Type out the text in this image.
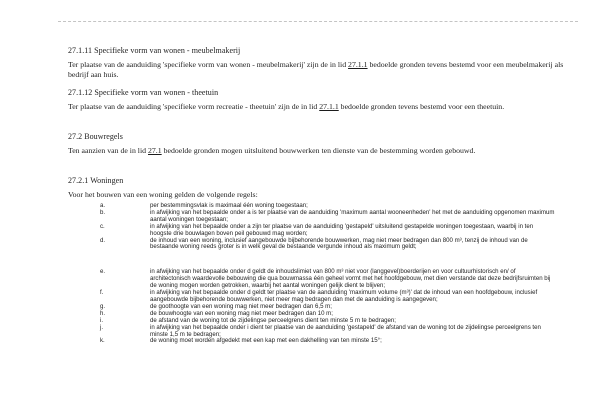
27.1.11 Specifieke vorm van wonen - meubelmakerij
Ter plaatse van de aanduiding 'specifieke vorm van wonen - meubelmakerij' zijn de in lid 27.1.1 bedoelde gronden tevens bestemd voor een meubelmakerij als bedrijf aan huis.
27.1.12 Specifieke vorm van wonen - theetuin
Ter plaatse van de aanduiding 'specifieke vorm recreatie - theetuin' zijn de in lid 27.1.1 bedoelde gronden tevens bestemd voor een theetuin.
27.2 Bouwregels
Ten aanzien van de in lid 27.1 bedoelde gronden mogen uitsluitend bouwwerken ten dienste van de bestemming worden gebouwd.
27.2.1 Woningen
Voor het bouwen van een woning gelden de volgende regels:
a.	per bestemmingsvlak is maximaal één woning toegestaan;
b.	in afwijking van het bepaalde onder a is ter plaatse van de aanduiding 'maximum aantal wooneenheden' het met de aanduiding opgenomen maximum aantal woningen toegestaan;
c.	in afwijking van het bepaalde onder a zijn ter plaatse van de aanduiding 'gestapeld' uitsluitend gestapelde woningen toegestaan, waarbij in ten hoogste drie bouwlagen boven peil gebouwd mag worden;
d.	de inhoud van een woning, inclusief aangebouwde bijbehorende bouwwerken, mag niet meer bedragen dan 800 m³, tenzij de inhoud van de bestaande woning reeds groter is in welk geval de bestaande vergunde inhoud als maximum geldt;
e.	in afwijking van het bepaalde onder d geldt de inhoudslimiet van 800 m³ niet voor (langgevel)boerderijen en voor cultuurhistorisch en/ of architectonisch waardevolle bebouwing die qua bouwmassa één geheel vormt met het hoofdgebouw, met dien verstande dat deze bedrijfsruimten bij de woning mogen worden getrokken, waarbij het aantal woningen gelijk dient te blijven;
f.	in afwijking van het bepaalde onder d geldt ter plaatse van de aanduiding 'maximum volume (m³)' dat de inhoud van een hoofdgebouw, inclusief aangebouwde bijbehorende bouwwerken, niet meer mag bedragen dan met de aanduiding is aangegeven;
g.	de goothoogte van een woning mag niet meer bedragen dan 6,5 m;
h.	de bouwhoogte van een woning mag niet meer bedragen dan 10 m;
i.	de afstand van de woning tot de zijdelingse perceelgrens dient ten minste 5 m te bedragen;
j.	in afwijking van het bepaalde onder i dient ter plaatse van de aanduiding 'gestapeld' de afstand van de woning tot de zijdelingse perceelgrens ten minste 1,5 m te bedragen;
k.	de woning moet worden afgedekt met een kap met een dakhelling van ten minste 15°;
